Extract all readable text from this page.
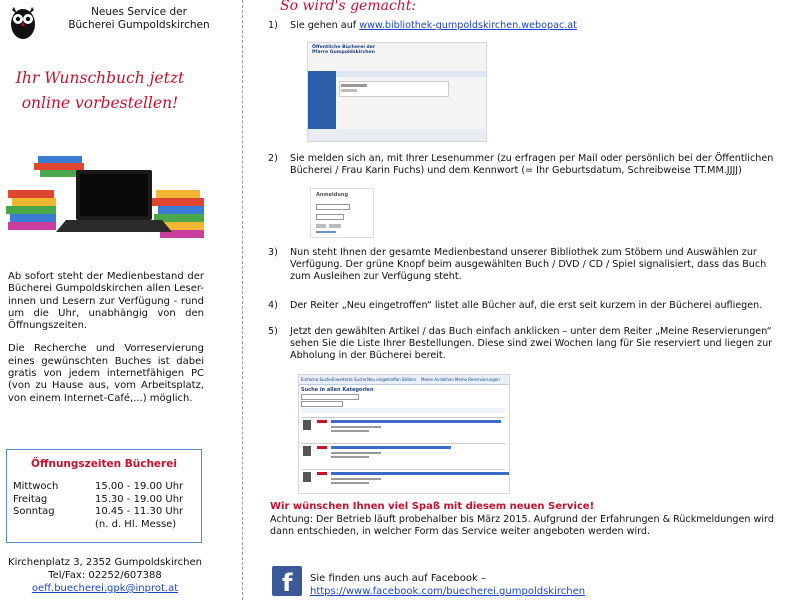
Neues Service der
Bücherei Gumpoldskirchen
Ihr Wunschbuch jetzt
online vorbestellen!

Ab sofort steht der Medienbestand der Bücherei Gumpoldskirchen allen Leser-innen und Lesern zur Verfügung - rund um die Uhr, unabhängig von den Öffnungszeiten.

Die Recherche und Vorreservierung eines gewünschten Buches ist dabei gratis von jedem internetfähigen PC (von zu Hause aus, vom Arbeitsplatz, von einem Internet-Café,...) möglich.

Öffnungszeiten Bücherei
Mittwoch	15.00 - 19.00 Uhr
Freitag	15.30 - 19.00 Uhr
Sonntag	10.45 - 11.30 Uhr
	(n. d. Hl. Messe)
Kirchenplatz 3, 2352 Gumpoldskirchen
Tel/Fax: 02252/607388
oeff.buecherei.gpk@inprot.at
So wird's gemacht:
1)	Sie gehen auf www.bibliothek-gumpoldskirchen.webopac.at
Öffentliche Bücherei der Pfarre Gumpoldskirchen
2)	Sie melden sich an, mit Ihrer Lesenummer (zu erfragen per Mail oder persönlich bei der Öffentlichen Bücherei / Frau Karin Fuchs) und dem Kennwort (= Ihr Geburtsdatum, Schreibweise TT.MM.JJJJ)
Anmeldung
3)	Nun steht Ihnen der gesamte Medienbestand unserer Bibliothek zum Stöbern und Auswählen zur Verfügung. Der grüne Knopf beim ausgewählten Buch / DVD / CD / Spiel signalisiert, dass das Buch zum Ausleihen zur Verfügung steht.
4)	Der Reiter „Neu eingetroffen“ listet alle Bücher auf, die erst seit kurzem in der Bücherei aufliegen.
5)	Jetzt den gewählten Artikel / das Buch einfach anklicken – unter dem Reiter „Meine Reservierungen“ sehen Sie die Liste Ihrer Bestellungen. Diese sind zwei Wochen lang für Sie reserviert und liegen zur Abholung in der Bücherei bereit.
Einfache Suche Erweiterte Suche Neu eingetroffen Bildern Meine Ausleihen Meine Reservierungen
Suche in allen Kategorien
Wir wünschen Ihnen viel Spaß mit diesem neuen Service!
Achtung: Der Betrieb läuft probehalber bis März 2015. Aufgrund der Erfahrungen & Rückmeldungen wird dann entschieden, in welcher Form das Service weiter angeboten werden wird.
f Sie finden uns auch auf Facebook –
https://www.facebook.com/buecherei.gumpoldskirchen
